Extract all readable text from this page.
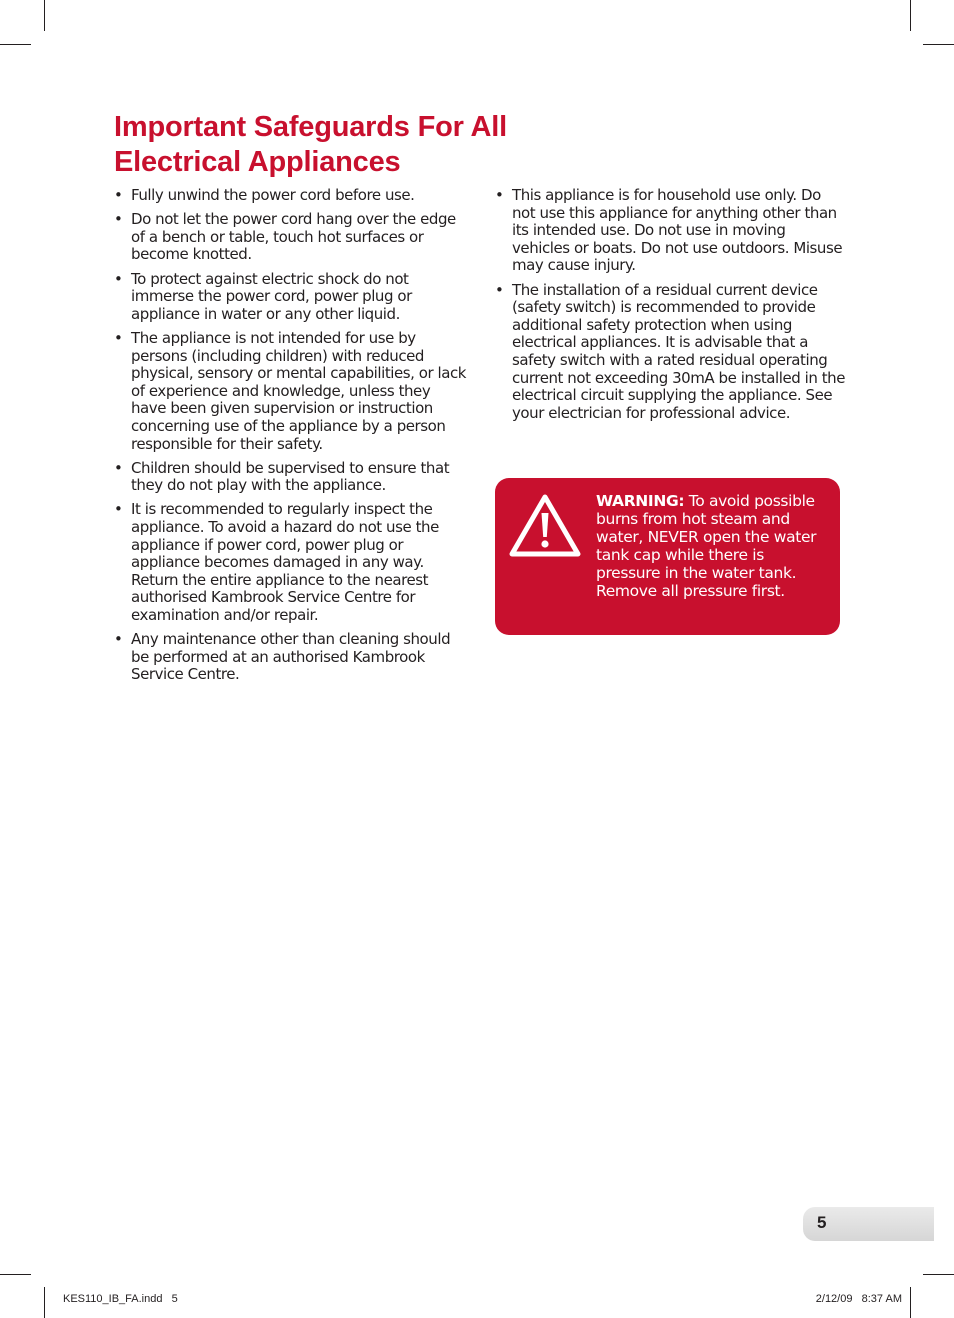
Important Safeguards For All
Electrical Appliances
• Fully unwind the power cord before use.
• Do not let the power cord hang over the edge of a bench or table, touch hot surfaces or become knotted.
• To protect against electric shock do not immerse the power cord, power plug or appliance in water or any other liquid.
• The appliance is not intended for use by persons (including children) with reduced physical, sensory or mental capabilities, or lack of experience and knowledge, unless they have been given supervision or instruction concerning use of the appliance by a person responsible for their safety.
• Children should be supervised to ensure that they do not play with the appliance.
• It is recommended to regularly inspect the appliance. To avoid a hazard do not use the appliance if power cord, power plug or appliance becomes damaged in any way. Return the entire appliance to the nearest authorised Kambrook Service Centre for examination and/or repair.
• Any maintenance other than cleaning should be performed at an authorised Kambrook Service Centre.
• This appliance is for household use only. Do not use this appliance for anything other than its intended use. Do not use in moving vehicles or boats. Do not use outdoors. Misuse may cause injury.
• The installation of a residual current device (safety switch) is recommended to provide additional safety protection when using electrical appliances. It is advisable that a safety switch with a rated residual operating current not exceeding 30mA be installed in the electrical circuit supplying the appliance. See your electrician for professional advice.
WARNING: To avoid possible burns from hot steam and water, NEVER open the water tank cap while there is pressure in the water tank. Remove all pressure first.
5
KES110_IB_FA.indd   5	2/12/09   8:37 AM
